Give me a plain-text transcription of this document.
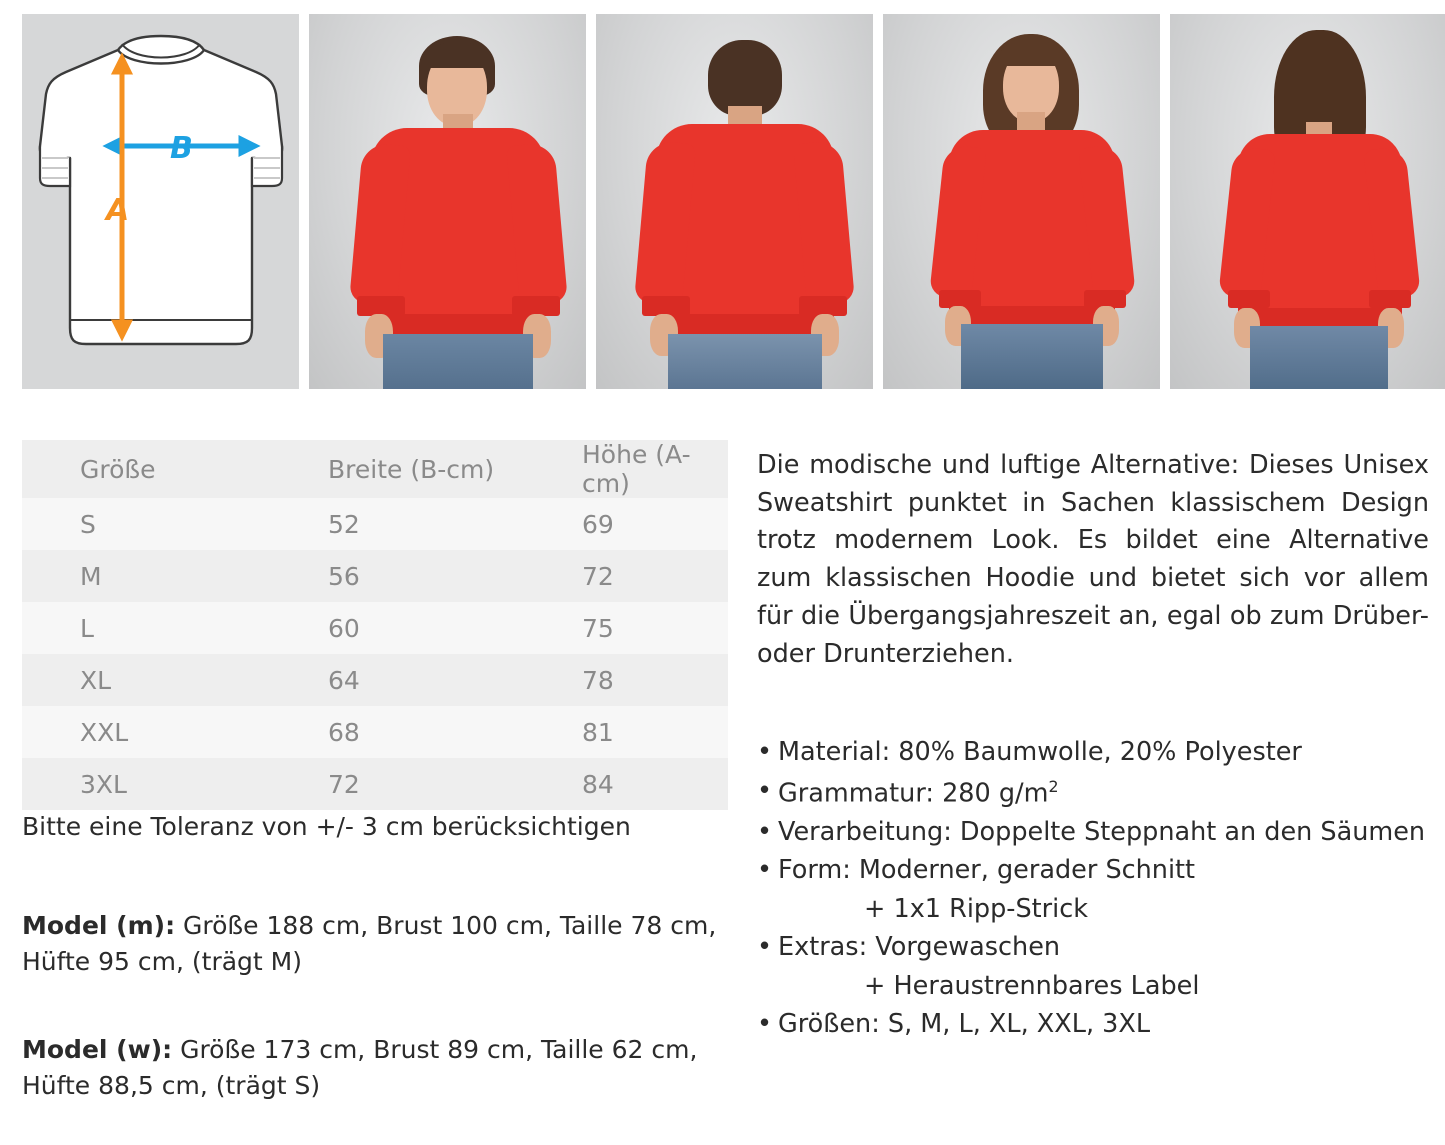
B
A
Größe	Breite (B-cm)	Höhe (A-cm)
S	52	69
M	56	72
L	60	75
XL	64	78
XXL	68	81
3XL	72	84
Bitte eine Toleranz von +/- 3 cm berücksichtigen
Model (m): Größe 188 cm, Brust 100 cm, Taille 78 cm, Hüfte 95 cm, (trägt M)
Model (w): Größe 173 cm, Brust 89 cm, Taille 62 cm, Hüfte 88,5 cm, (trägt S)
Die modische und luftige Alternative: Dieses Unisex Sweatshirt punktet in Sachen klassischem Design trotz modernem Look. Es bildet eine Alternative zum klassischen Hoodie und bietet sich vor allem für die Übergangsjahreszeit an, egal ob zum Drüber- oder Drunterziehen.
• Material: 80% Baumwolle, 20% Polyester
• Grammatur: 280 $g/m^2$
• Verarbeitung: Doppelte Steppnaht an den Säumen
• Form: Moderner, gerader Schnitt
+ 1x1 Ripp-Strick
• Extras: Vorgewaschen
+ Heraustrennbares Label
• Größen: S, M, L, XL, XXL, 3XL
